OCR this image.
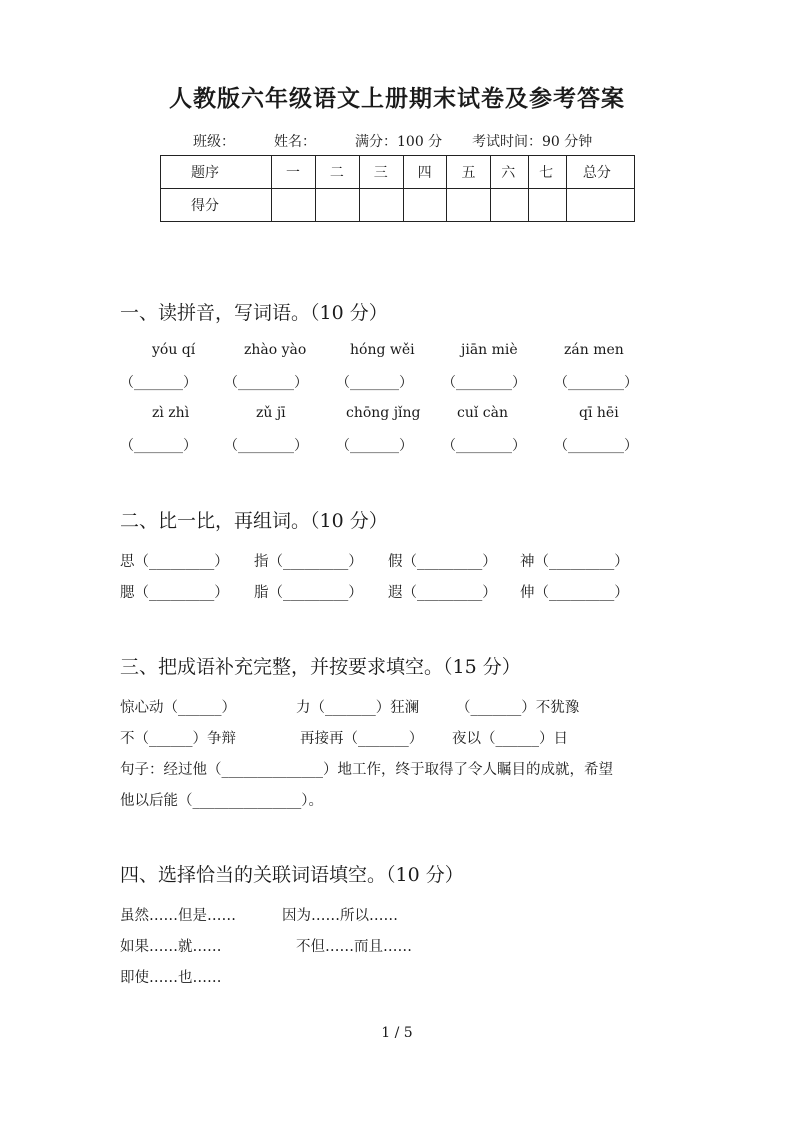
人教版六年级语文上册期末试卷及参考答案
班级：	姓名：	满分：100 分 考试时间：90 分钟
题序	一	二	三	四	五	六	七	总分
得分								
一、读拼音，写词语。（10 分）
yóu qí	zhào yào	hóng wěi	jiān miè	zán men
（_______） （________） （_______） （________） （________）
zì zhì	zǔ jī	chōng jǐng	cuǐ càn	qī hēi
（_______） （________） （_______） （________） （________）
二、比一比，再组词。（10 分）
思（_________） 指（_________） 假（_________） 神（_________）
腮（_________） 脂（_________） 遐（_________） 伸（_________）
三、把成语补充完整，并按要求填空。（15 分）
惊心动（______）	力（_______）狂澜	（_______）不犹豫
不（______）争辩	再接再（_______） 夜以（______）日
句子：经过他（______________）地工作，终于取得了令人瞩目的成就，希望
他以后能（_______________）。
四、选择恰当的关联词语填空。（10 分）
虽然……但是……	因为……所以……
如果……就……	不但……而且……
即使……也……
1 / 5
